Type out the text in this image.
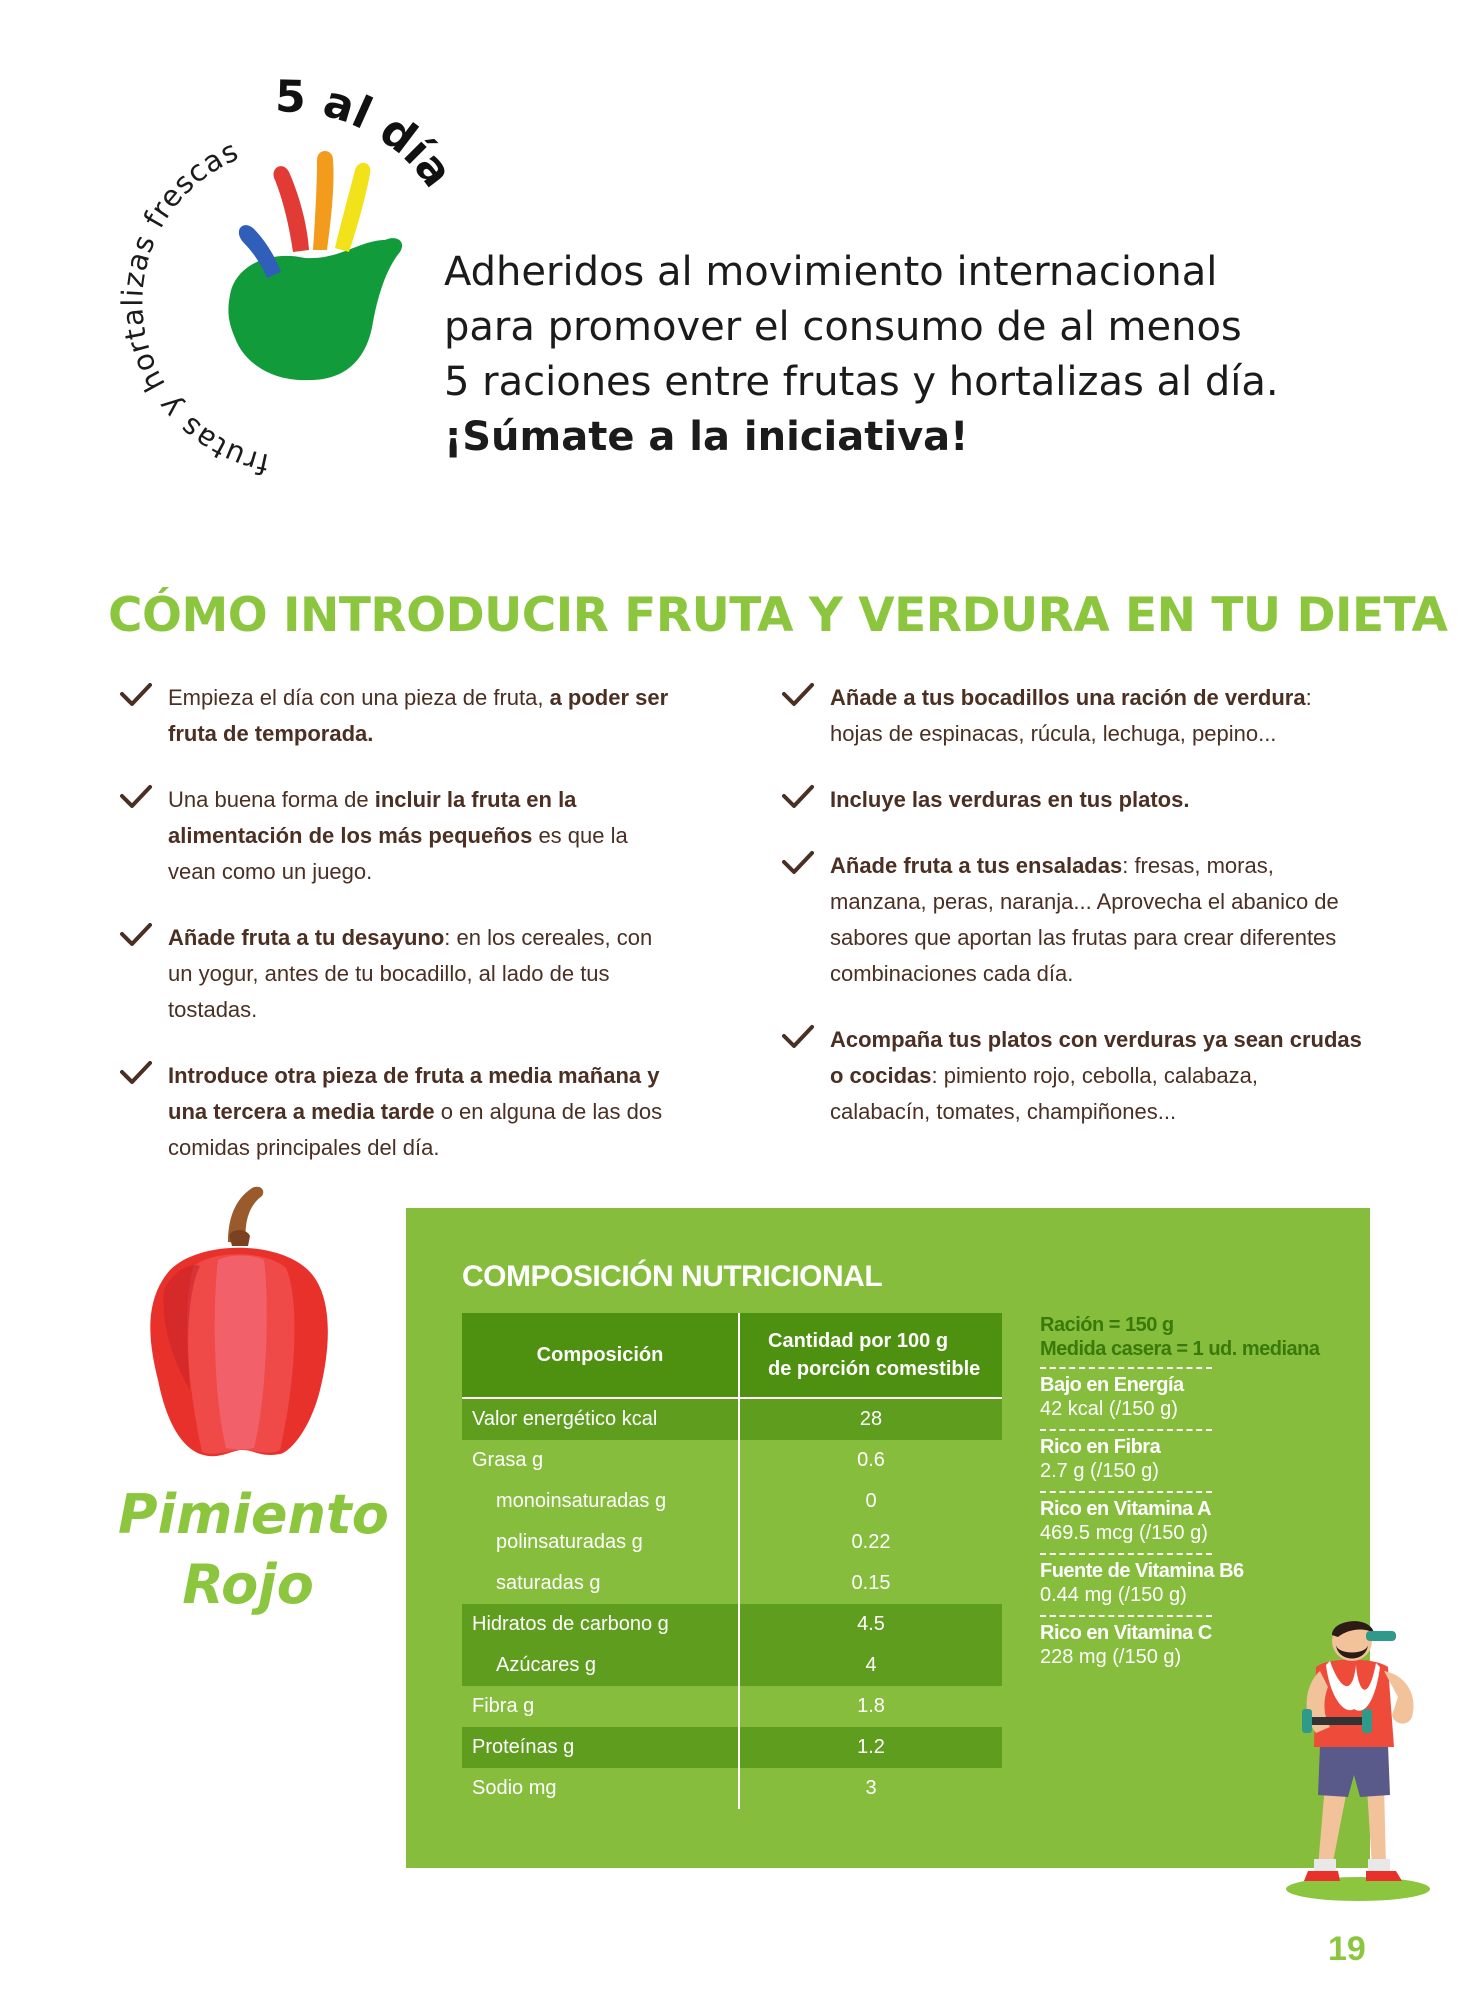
frutas y hortalizas frescas
5 al día
Adheridos al movimiento internacional
para promover el consumo de al menos
5 raciones entre frutas y hortalizas al día.
¡Súmate a la iniciativa!
CÓMO INTRODUCIR FRUTA Y VERDURA EN TU DIETA
Empieza el día con una pieza de fruta, a poder ser fruta de temporada.
Una buena forma de incluir la fruta en la alimentación de los más pequeños es que la vean como un juego.
Añade fruta a tu desayuno: en los cereales, con un yogur, antes de tu bocadillo, al lado de tus tostadas.
Introduce otra pieza de fruta a media mañana y una tercera a media tarde o en alguna de las dos comidas principales del día.
Añade a tus bocadillos una ración de verdura: hojas de espinacas, rúcula, lechuga, pepino...
Incluye las verduras en tus platos.
Añade fruta a tus ensaladas: fresas, moras, manzana, peras, naranja... Aprovecha el abanico de sabores que aportan las frutas para crear diferentes combinaciones cada día.
Acompaña tus platos con verduras ya sean crudas o cocidas: pimiento rojo, cebolla, calabaza, calabacín, tomates, champiñones...
Pimiento
Rojo
COMPOSICIÓN NUTRICIONAL
Composición	Cantidad por 100 g
de porción comestible
Valor energético kcal	28
Grasa g	0.6
monoinsaturadas g	0
polinsaturadas g	0.22
saturadas g	0.15
Hidratos de carbono g	4.5
Azúcares g	4
Fibra g	1.8
Proteínas g	1.2
Sodio mg	3
Ración = 150 g
Medida casera = 1 ud. mediana
Bajo en Energía
42 kcal (/150 g)
Rico en Fibra
2.7 g (/150 g)
Rico en Vitamina A
469.5 mcg (/150 g)
Fuente de Vitamina B6
0.44 mg (/150 g)
Rico en Vitamina C
228 mg (/150 g)
19
